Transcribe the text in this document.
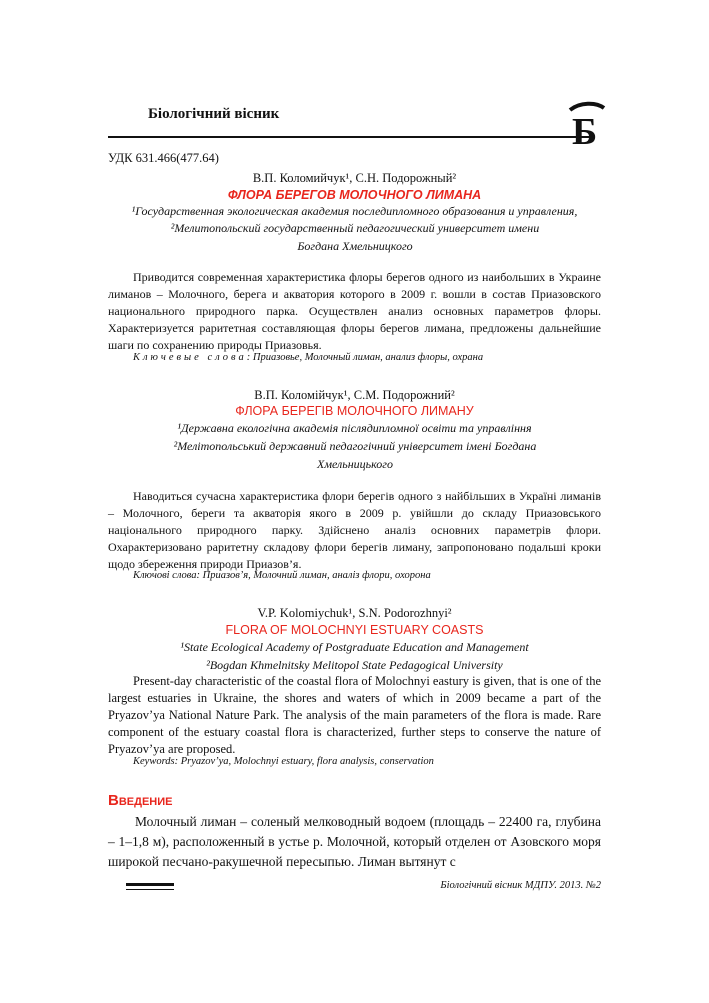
Біологічний вісник	Б
УДК 631.466(477.64)
В.П. Коломийчук¹, С.Н. Подорожный²
ФЛОРА БЕРЕГОВ МОЛОЧНОГО ЛИМАНА
¹Государственная экологическая академия последипломного образования и управления,
²Мелитопольский государственный педагогический университет имени Богдана Хмельницкого
Приводится современная характеристика флоры берегов одного из наибольших в Украине лиманов – Молочного, берега и акватория которого в 2009 г. вошли в состав Приазовского национального природного парка. Осуществлен анализ основных параметров флоры. Характеризуется раритетная составляющая флоры берегов лимана, предложены дальнейшие шаги по сохранению природы Приазовья.
Ключевые слова: Приазовье, Молочный лиман, анализ флоры, охрана
В.П. Коломійчук¹, С.М. Подорожний²
ФЛОРА БЕРЕГІВ МОЛОЧНОГО ЛИМАНУ
¹Державна екологічна академія післядипломної освіти та управління
²Мелітопольський державний педагогічний університет імені Богдана Хмельницького
Наводиться сучасна характеристика флори берегів одного з найбільших в Україні лиманів – Молочного, береги та акваторія якого в 2009 р. увійшли до складу Приазовського національного природного парку. Здійснено аналіз основних параметрів флори. Охарактеризовано раритетну складову флори берегів лиману, запропоновано подальші кроки щодо збереження природи Приазов’я.
Ключові слова: Приазов’я, Молочний лиман, аналіз флори, охорона
V.P. Kolomiychuk¹, S.N. Podorozhnyi²
FLORA OF MOLOCHNYI ESTUARY COASTS
¹State Ecological Academy of Postgraduate Education and Management
²Bogdan Khmelnitsky Melitopol State Pedagogical University
Present-day characteristic of the coastal flora of Molochnyi eastury is given, that is one of the largest estuaries in Ukraine, the shores and waters of which in 2009 became a part of the Pryazov’ya National Nature Park. The analysis of the main parameters of the flora is made. Rare component of the estuary coastal flora is characterized, further steps to conserve the nature of Pryazov’ya are proposed.
Keywords: Pryazov’ya, Molochnyi estuary, flora analysis, conservation
Введение
Молочный лиман – соленый мелководный водоем (площадь – 22400 га, глубина – 1–1,8 м), расположенный в устье р. Молочной, который отделен от Азовского моря широкой песчано-ракушечной пересыпью. Лиман вытянут с
Біологічний вісник МДПУ. 2013. №2
